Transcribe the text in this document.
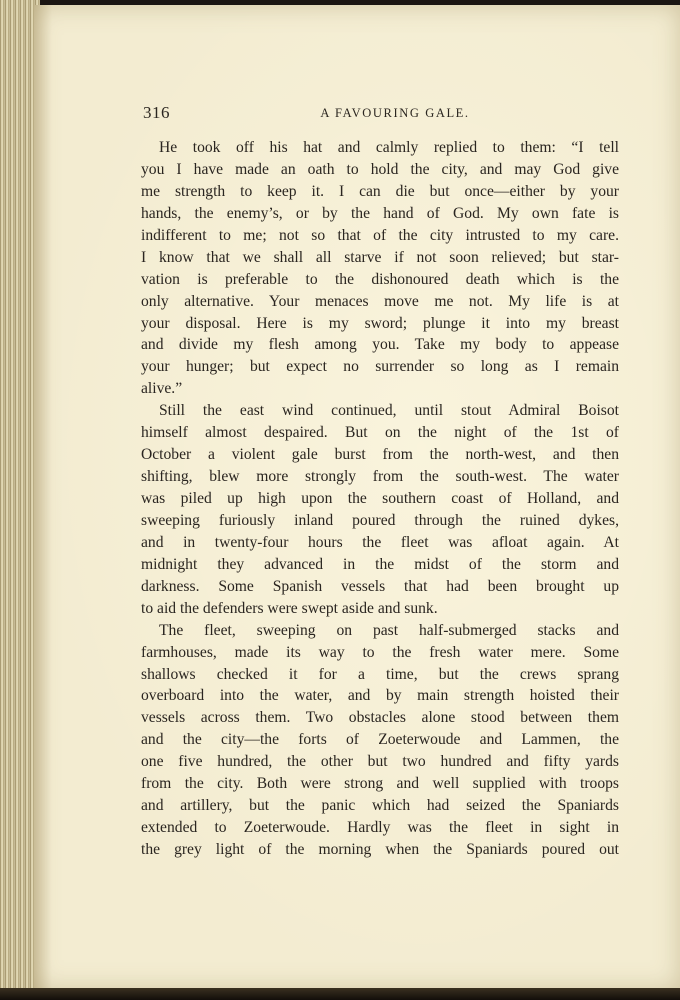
316	A FAVOURING GALE.
He took off his hat and calmly replied to them: “I tell
you I have made an oath to hold the city, and may God give
me strength to keep it. I can die but once—either by your
hands, the enemy’s, or by the hand of God. My own fate is
indifferent to me; not so that of the city intrusted to my care.
I know that we shall all starve if not soon relieved; but star-
vation is preferable to the dishonoured death which is the
only alternative. Your menaces move me not. My life is at
your disposal. Here is my sword; plunge it into my breast
and divide my flesh among you. Take my body to appease
your hunger; but expect no surrender so long as I remain
alive.”
Still the east wind continued, until stout Admiral Boisot
himself almost despaired. But on the night of the 1st of
October a violent gale burst from the north-west, and then
shifting, blew more strongly from the south-west. The water
was piled up high upon the southern coast of Holland, and
sweeping furiously inland poured through the ruined dykes,
and in twenty-four hours the fleet was afloat again. At
midnight they advanced in the midst of the storm and
darkness. Some Spanish vessels that had been brought up
to aid the defenders were swept aside and sunk.
The fleet, sweeping on past half-submerged stacks and
farmhouses, made its way to the fresh water mere. Some
shallows checked it for a time, but the crews sprang
overboard into the water, and by main strength hoisted their
vessels across them. Two obstacles alone stood between them
and the city—the forts of Zoeterwoude and Lammen, the
one five hundred, the other but two hundred and fifty yards
from the city. Both were strong and well supplied with troops
and artillery, but the panic which had seized the Spaniards
extended to Zoeterwoude. Hardly was the fleet in sight in
the grey light of the morning when the Spaniards poured out
